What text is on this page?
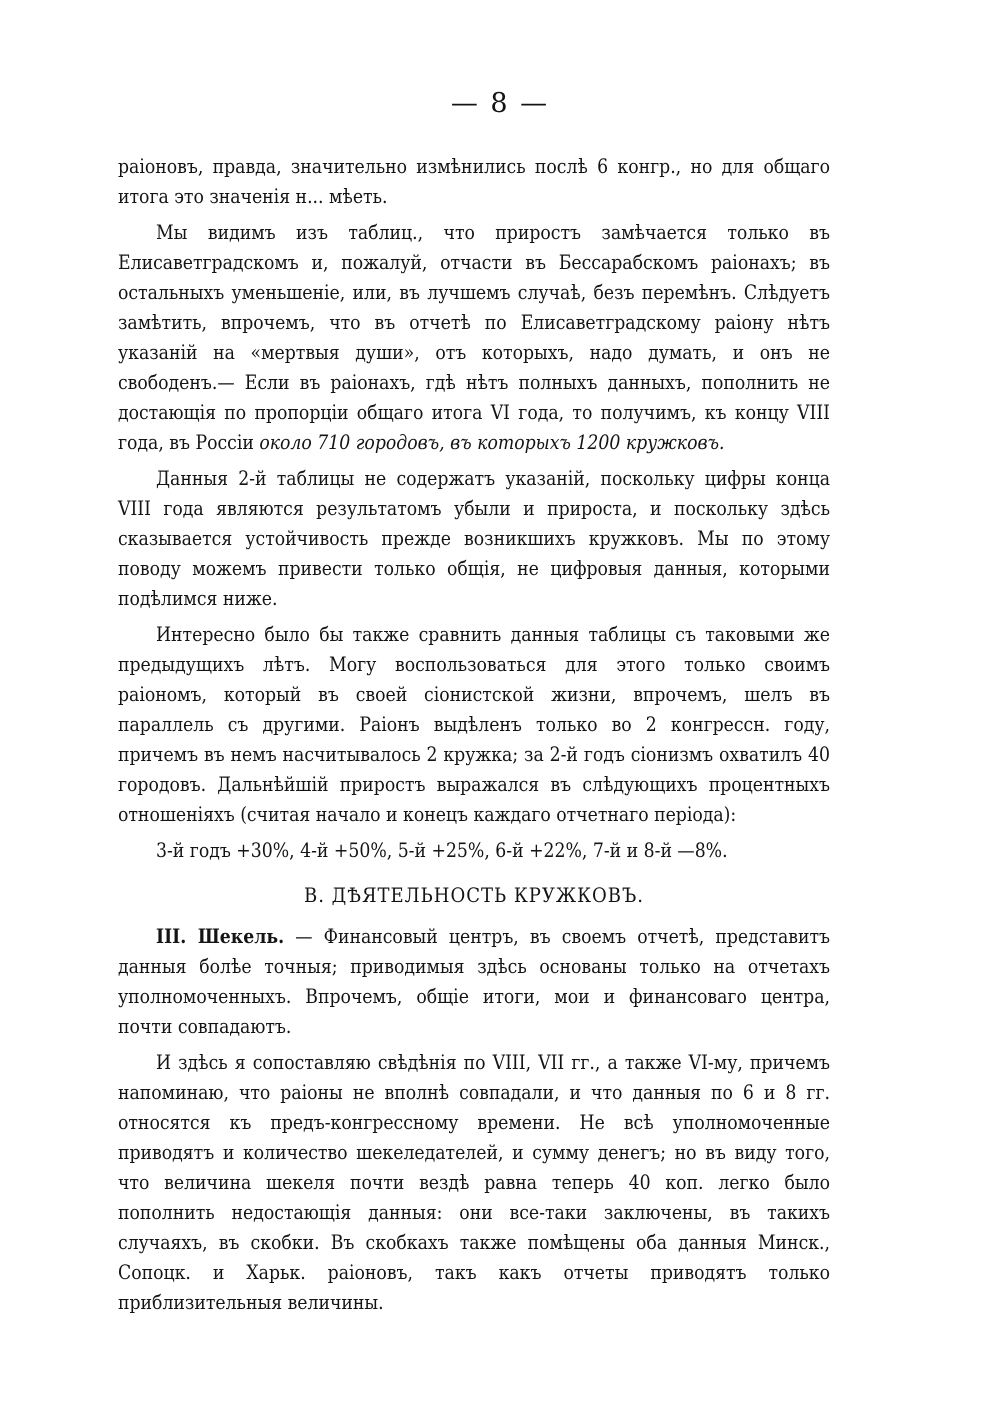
— 8 —

раіоновъ, правда, значительно измѣнились послѣ 6 конгр., но для общаго итога это значенія н... мѣеть.

Мы видимъ изъ таблиц., что приростъ замѣчается только въ Елисаветградскомъ и, пожалуй, отчасти въ Бессарабскомъ раіонахъ; въ остальныхъ уменьшеніе, или, въ лучшемъ случаѣ, безъ перемѣнъ. Слѣдуетъ замѣтить, впрочемъ, что въ отчетѣ по Елисаветградскому раіону нѣтъ указаній на «мертвыя души», отъ которыхъ, надо думать, и онъ не свободенъ.— Если въ раіонахъ, гдѣ нѣтъ полныхъ данныхъ, пополнить не достающія по пропорціи общаго итога VI года, то получимъ, къ концу VIII года, въ Россіи около 710 городовъ, въ которыхъ 1200 кружковъ.

Данныя 2-й таблицы не содержатъ указаній, поскольку цифры конца VIII года являются результатомъ убыли и прироста, и поскольку здѣсь сказывается устойчивость прежде возникшихъ кружковъ. Мы по этому поводу можемъ привести только общія, не цифровыя данныя, которыми подѣлимся ниже.

Интересно было бы также сравнить данныя таблицы съ таковыми же предыдущихъ лѣтъ. Могу воспользоваться для этого только своимъ раіономъ, который въ своей сіонистской жизни, впрочемъ, шелъ въ параллель съ другими. Раіонъ выдѣленъ только во 2 конгрессн. году, причемъ въ немъ насчитывалось 2 кружка; за 2-й годъ сіонизмъ охватилъ 40 городовъ. Дальнѣйшій приростъ выражался въ слѣдующихъ процентныхъ отношеніяхъ (считая начало и конецъ каждаго отчетнаго періода):

3-й годъ +30%, 4-й +50%, 5-й +25%, 6-й +22%, 7-й и 8-й —8%.

В. ДѢЯТЕЛЬНОСТЬ КРУЖКОВЪ.

III. Шекель. — Финансовый центръ, въ своемъ отчетѣ, представитъ данныя болѣе точныя; приводимыя здѣсь основаны только на отчетахъ уполномоченныхъ. Впрочемъ, общіе итоги, мои и финансоваго центра, почти совпадаютъ.

И здѣсь я сопоставляю свѣдѣнія по VIII, VII гг., а также VI-му, причемъ напоминаю, что раіоны не вполнѣ совпадали, и что данныя по 6 и 8 гг. относятся къ предъ-конгрессному времени. Не всѣ уполномоченные приводятъ и количество шекеледателей, и сумму денегъ; но въ виду того, что величина шекеля почти вездѣ равна теперь 40 коп. легко было пополнить недостающія данныя: они все-таки заключены, въ такихъ случаяхъ, въ скобки. Въ скобкахъ также помѣщены оба данныя Минск., Сопоцк. и Харьк. раіоновъ, такъ какъ отчеты приводятъ только приблизительныя величины.
